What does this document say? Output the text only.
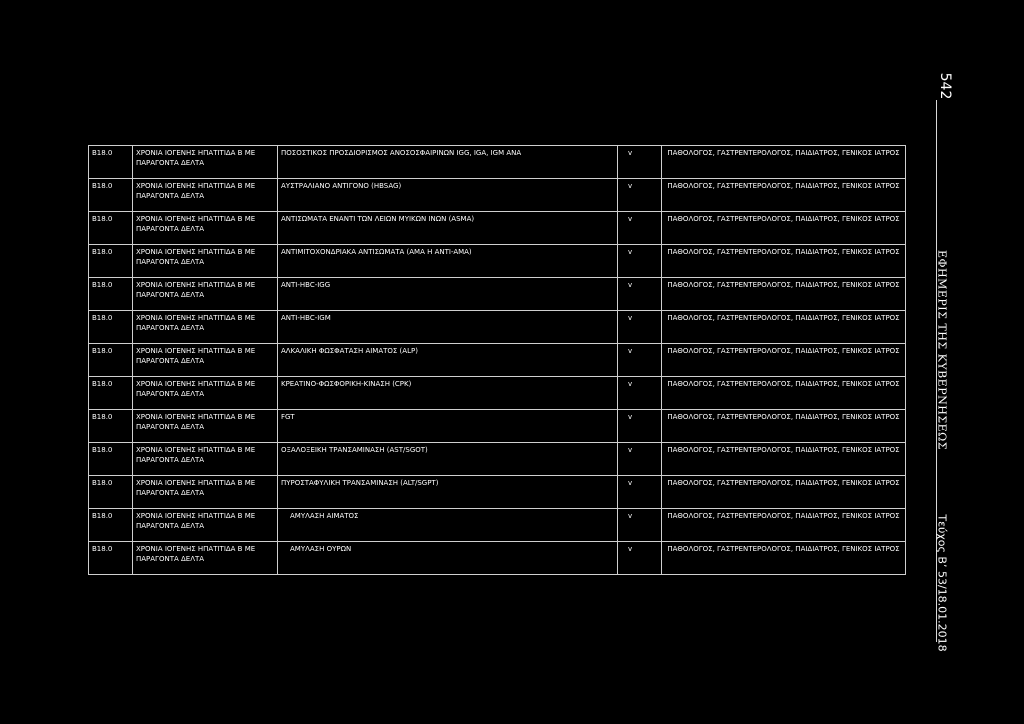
542
ΕΦΗΜΕΡΙΣ ΤΗΣ ΚΥΒΕΡΝΗΣΕΩΣ
Τεύχος Β’ 53/18.01.2018
B18.0	ΧΡΟΝΙΑ ΙΟΓΕΝΗΣ ΗΠΑΤΙΤΙΔΑ Β ΜΕ ΠΑΡΑΓΟΝΤΑ ΔΕΛΤΑ	ΠΟΣΟΣΤΙΚΟΣ ΠΡΟΣΔΙΟΡΙΣΜΟΣ ΑΝΟΣΟΣΦΑΙΡΙΝΩΝ IGG, IGA, IGM ΑΝΑ	v	ΠΑΘΟΛΟΓΟΣ, ΓΑΣΤΡΕΝΤΕΡΟΛΟΓΟΣ, ΠΑΙΔΙΑΤΡΟΣ, ΓΕΝΙΚΟΣ ΙΑΤΡΟΣ
B18.0	ΧΡΟΝΙΑ ΙΟΓΕΝΗΣ ΗΠΑΤΙΤΙΔΑ Β ΜΕ ΠΑΡΑΓΟΝΤΑ ΔΕΛΤΑ	ΑΥΣΤΡΑΛΙΑΝΟ ΑΝΤΙΓΟΝΟ (HBSAG)	v	ΠΑΘΟΛΟΓΟΣ, ΓΑΣΤΡΕΝΤΕΡΟΛΟΓΟΣ, ΠΑΙΔΙΑΤΡΟΣ, ΓΕΝΙΚΟΣ ΙΑΤΡΟΣ
B18.0	ΧΡΟΝΙΑ ΙΟΓΕΝΗΣ ΗΠΑΤΙΤΙΔΑ Β ΜΕ ΠΑΡΑΓΟΝΤΑ ΔΕΛΤΑ	ΑΝΤΙΣΩΜΑΤΑ ΕΝΑΝΤΙ ΤΩΝ ΛΕΙΩΝ ΜΥΙΚΩΝ ΙΝΩΝ (ASMA)	v	ΠΑΘΟΛΟΓΟΣ, ΓΑΣΤΡΕΝΤΕΡΟΛΟΓΟΣ, ΠΑΙΔΙΑΤΡΟΣ, ΓΕΝΙΚΟΣ ΙΑΤΡΟΣ
B18.0	ΧΡΟΝΙΑ ΙΟΓΕΝΗΣ ΗΠΑΤΙΤΙΔΑ Β ΜΕ ΠΑΡΑΓΟΝΤΑ ΔΕΛΤΑ	ΑΝΤΙΜΙΤΟΧΟΝΔΡΙΑΚΑ ΑΝΤΙΣΩΜΑΤΑ (AMA Η ANTI-AMA)	v	ΠΑΘΟΛΟΓΟΣ, ΓΑΣΤΡΕΝΤΕΡΟΛΟΓΟΣ, ΠΑΙΔΙΑΤΡΟΣ, ΓΕΝΙΚΟΣ ΙΑΤΡΟΣ
B18.0	ΧΡΟΝΙΑ ΙΟΓΕΝΗΣ ΗΠΑΤΙΤΙΔΑ Β ΜΕ ΠΑΡΑΓΟΝΤΑ ΔΕΛΤΑ	ANTI-HBC-IGG	v	ΠΑΘΟΛΟΓΟΣ, ΓΑΣΤΡΕΝΤΕΡΟΛΟΓΟΣ, ΠΑΙΔΙΑΤΡΟΣ, ΓΕΝΙΚΟΣ ΙΑΤΡΟΣ
B18.0	ΧΡΟΝΙΑ ΙΟΓΕΝΗΣ ΗΠΑΤΙΤΙΔΑ Β ΜΕ ΠΑΡΑΓΟΝΤΑ ΔΕΛΤΑ	ANTI-HBC-IGM	v	ΠΑΘΟΛΟΓΟΣ, ΓΑΣΤΡΕΝΤΕΡΟΛΟΓΟΣ, ΠΑΙΔΙΑΤΡΟΣ, ΓΕΝΙΚΟΣ ΙΑΤΡΟΣ
B18.0	ΧΡΟΝΙΑ ΙΟΓΕΝΗΣ ΗΠΑΤΙΤΙΔΑ Β ΜΕ ΠΑΡΑΓΟΝΤΑ ΔΕΛΤΑ	ΑΛΚΑΛΙΚΗ ΦΩΣΦΑΤΑΣΗ ΑΙΜΑΤΟΣ (ALP)	v	ΠΑΘΟΛΟΓΟΣ, ΓΑΣΤΡΕΝΤΕΡΟΛΟΓΟΣ, ΠΑΙΔΙΑΤΡΟΣ, ΓΕΝΙΚΟΣ ΙΑΤΡΟΣ
B18.0	ΧΡΟΝΙΑ ΙΟΓΕΝΗΣ ΗΠΑΤΙΤΙΔΑ Β ΜΕ ΠΑΡΑΓΟΝΤΑ ΔΕΛΤΑ	ΚΡΕΑΤΙΝΟ-ΦΩΣΦΟΡΙΚΗ-ΚΙΝΑΣΗ (CPK)	v	ΠΑΘΟΛΟΓΟΣ, ΓΑΣΤΡΕΝΤΕΡΟΛΟΓΟΣ, ΠΑΙΔΙΑΤΡΟΣ, ΓΕΝΙΚΟΣ ΙΑΤΡΟΣ
B18.0	ΧΡΟΝΙΑ ΙΟΓΕΝΗΣ ΗΠΑΤΙΤΙΔΑ Β ΜΕ ΠΑΡΑΓΟΝΤΑ ΔΕΛΤΑ	FGT	v	ΠΑΘΟΛΟΓΟΣ, ΓΑΣΤΡΕΝΤΕΡΟΛΟΓΟΣ, ΠΑΙΔΙΑΤΡΟΣ, ΓΕΝΙΚΟΣ ΙΑΤΡΟΣ
B18.0	ΧΡΟΝΙΑ ΙΟΓΕΝΗΣ ΗΠΑΤΙΤΙΔΑ Β ΜΕ ΠΑΡΑΓΟΝΤΑ ΔΕΛΤΑ	ΟΞΑΛΟΞΕΙΚΗ ΤΡΑΝΣΑΜΙΝΑΣΗ (AST/SGOT)	v	ΠΑΘΟΛΟΓΟΣ, ΓΑΣΤΡΕΝΤΕΡΟΛΟΓΟΣ, ΠΑΙΔΙΑΤΡΟΣ, ΓΕΝΙΚΟΣ ΙΑΤΡΟΣ
B18.0	ΧΡΟΝΙΑ ΙΟΓΕΝΗΣ ΗΠΑΤΙΤΙΔΑ Β ΜΕ ΠΑΡΑΓΟΝΤΑ ΔΕΛΤΑ	ΠΥΡΟΣΤΑΦΥΛΙΚΗ ΤΡΑΝΣΑΜΙΝΑΣΗ (ALT/SGPT)	v	ΠΑΘΟΛΟΓΟΣ, ΓΑΣΤΡΕΝΤΕΡΟΛΟΓΟΣ, ΠΑΙΔΙΑΤΡΟΣ, ΓΕΝΙΚΟΣ ΙΑΤΡΟΣ
B18.0	ΧΡΟΝΙΑ ΙΟΓΕΝΗΣ ΗΠΑΤΙΤΙΔΑ Β ΜΕ ΠΑΡΑΓΟΝΤΑ ΔΕΛΤΑ	ΑΜΥΛΑΣΗ ΑΙΜΑΤΟΣ	v	ΠΑΘΟΛΟΓΟΣ, ΓΑΣΤΡΕΝΤΕΡΟΛΟΓΟΣ, ΠΑΙΔΙΑΤΡΟΣ, ΓΕΝΙΚΟΣ ΙΑΤΡΟΣ
B18.0	ΧΡΟΝΙΑ ΙΟΓΕΝΗΣ ΗΠΑΤΙΤΙΔΑ Β ΜΕ ΠΑΡΑΓΟΝΤΑ ΔΕΛΤΑ	ΑΜΥΛΑΣΗ ΟΥΡΩΝ	v	ΠΑΘΟΛΟΓΟΣ, ΓΑΣΤΡΕΝΤΕΡΟΛΟΓΟΣ, ΠΑΙΔΙΑΤΡΟΣ, ΓΕΝΙΚΟΣ ΙΑΤΡΟΣ
